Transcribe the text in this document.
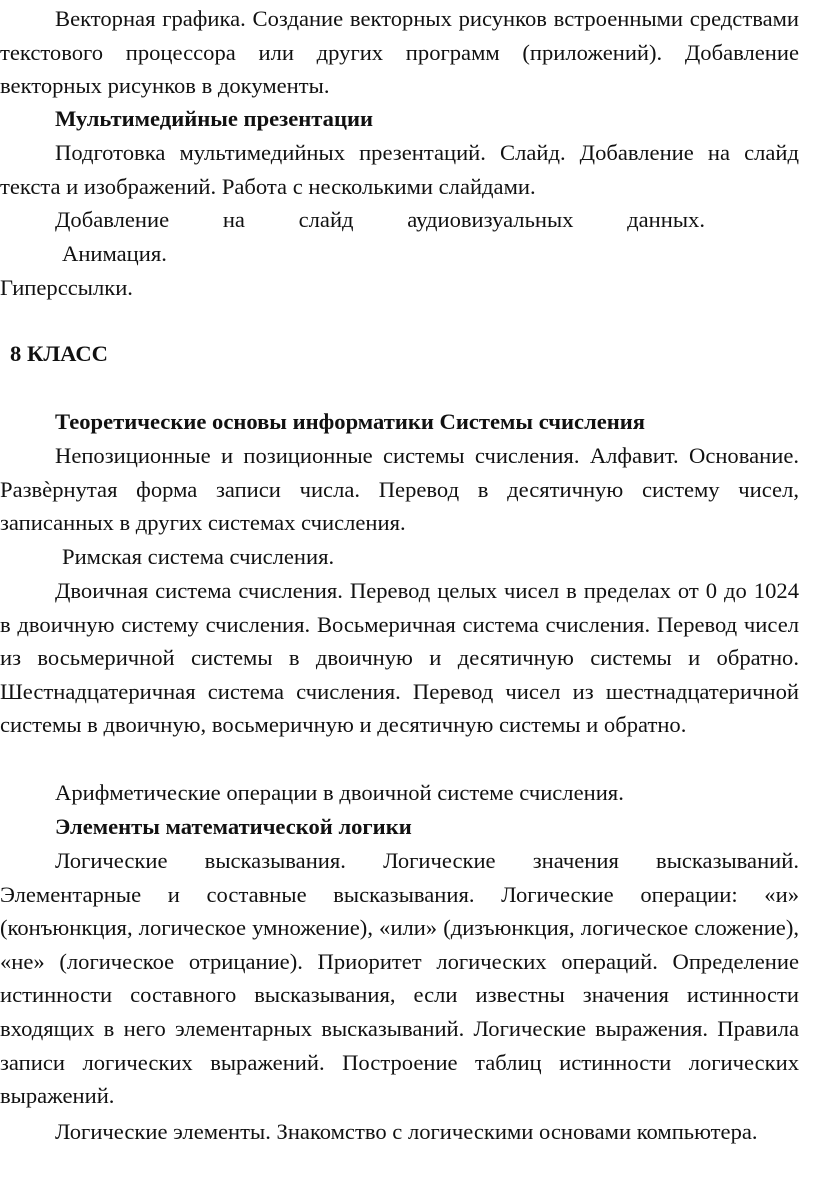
Векторная графика. Создание векторных рисунков встроенными средствами текстового процессора или других программ (приложений). Добавление векторных рисунков в документы.

Мультимедийные презентации

Подготовка мультимедийных презентаций. Слайд. Добавление на слайд текста и изображений. Работа с несколькими слайдами.

Добавление на слайд аудиовизуальных данных.

Анимация.

Гиперссылки.

8 КЛАСС

Теоретические основы информатики Системы счисления

Непозиционные и позиционные системы счисления. Алфавит. Основание. Развѐрнутая форма записи числа. Перевод в десятичную систему чисел, записанных в других системах счисления.

Римская система счисления.

Двоичная система счисления. Перевод целых чисел в пределах от 0 до 1024 в двоичную систему счисления. Восьмеричная система счисления. Перевод чисел из восьмеричной системы в двоичную и десятичную системы и обратно. Шестнадцатеричная система счисления. Перевод чисел из шестнадцатеричной системы в двоичную, восьмеричную и десятичную системы и обратно.

Арифметические операции в двоичной системе счисления.

Элементы математической логики

Логические высказывания. Логические значения высказываний. Элементарные и составные высказывания. Логические операции: «и» (конъюнкция, логическое умножение), «или» (дизъюнкция, логическое сложение), «не» (логическое отрицание). Приоритет логических операций. Определение истинности составного высказывания, если известны значения истинности входящих в него элементарных высказываний. Логические выражения. Правила записи логических выражений. Построение таблиц истинности логических выражений.

Логические элементы. Знакомство с логическими основами компьютера.
